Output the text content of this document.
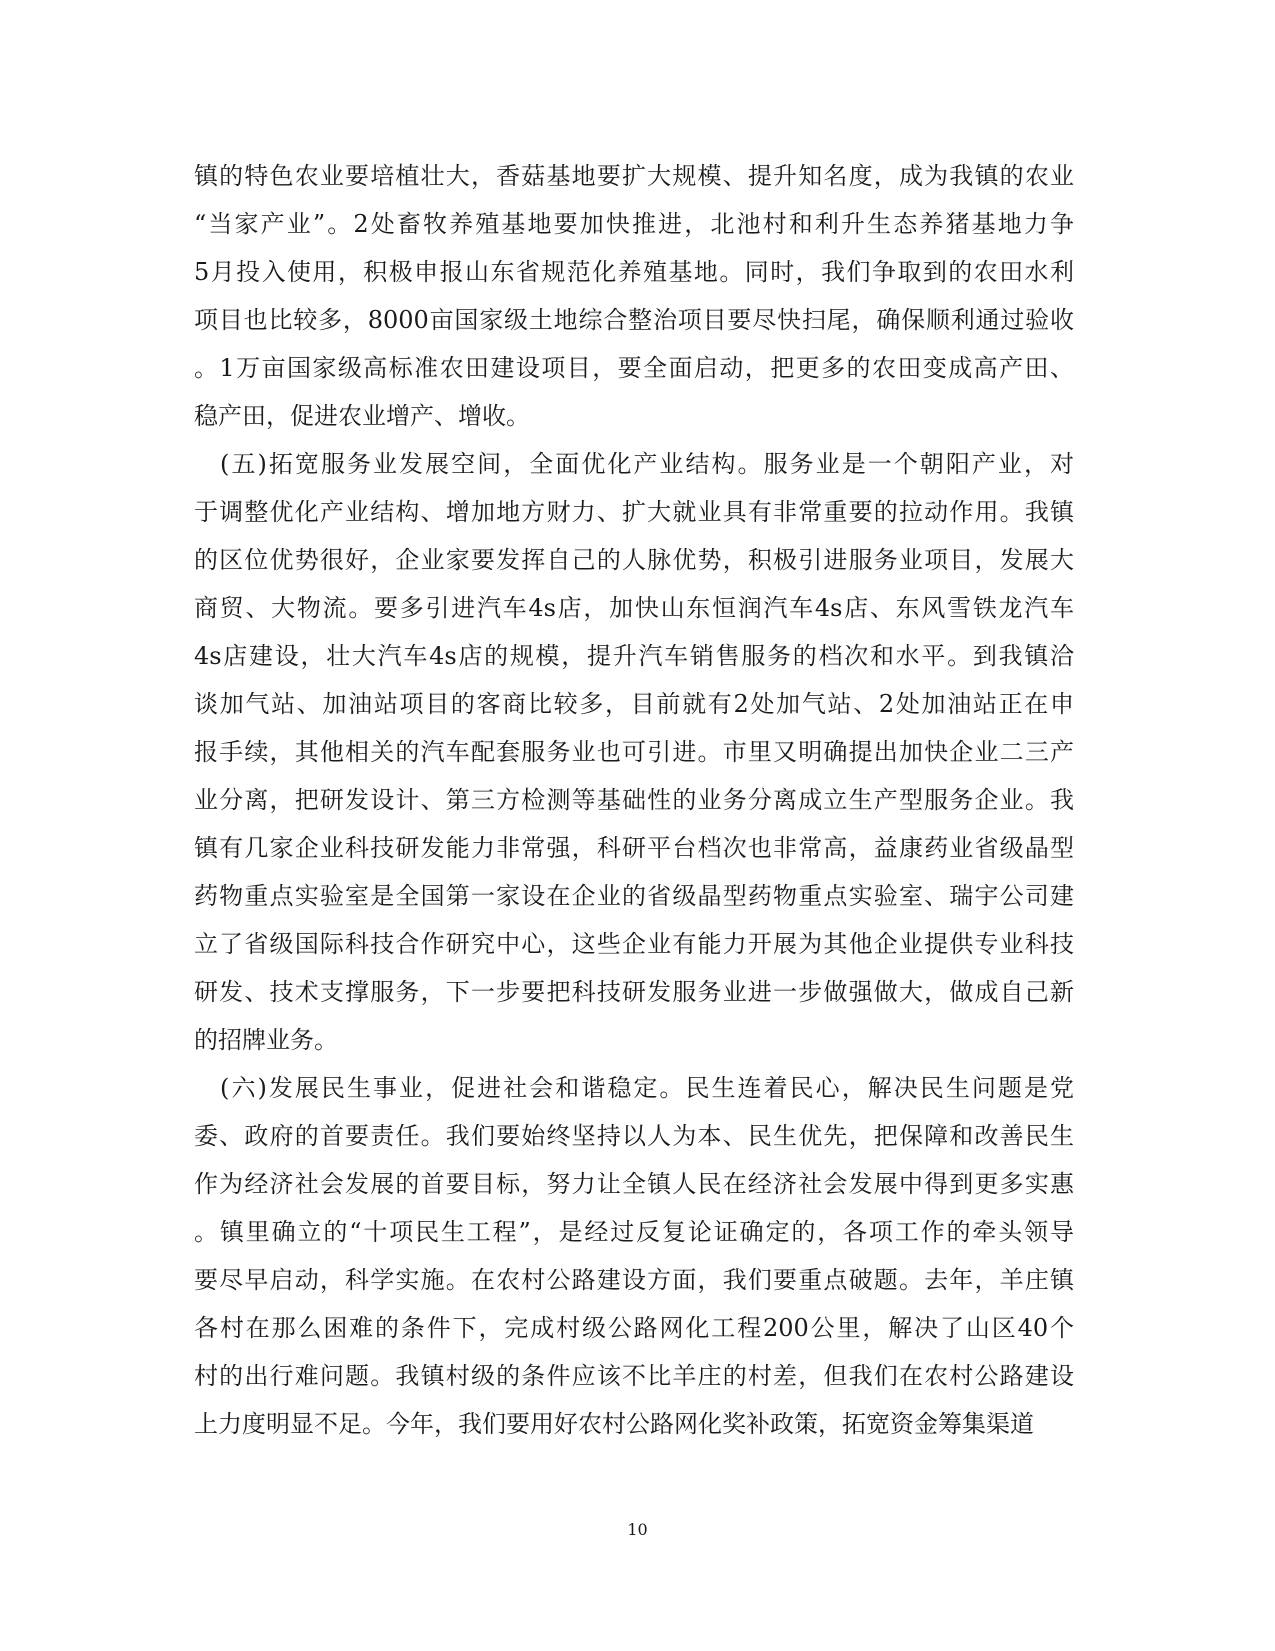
镇的特色农业要培植壮大，香菇基地要扩大规模、提升知名度，成为我镇的农业
“当家产业”。2处畜牧养殖基地要加快推进，北池村和利升生态养猪基地力争
5月投入使用，积极申报山东省规范化养殖基地。同时，我们争取到的农田水利
项目也比较多，8000亩国家级土地综合整治项目要尽快扫尾，确保顺利通过验收
。1万亩国家级高标准农田建设项目，要全面启动，把更多的农田变成高产田、
稳产田，促进农业增产、增收。
　(五)拓宽服务业发展空间，全面优化产业结构。服务业是一个朝阳产业，对
于调整优化产业结构、增加地方财力、扩大就业具有非常重要的拉动作用。我镇
的区位优势很好，企业家要发挥自己的人脉优势，积极引进服务业项目，发展大
商贸、大物流。要多引进汽车4s店，加快山东恒润汽车4s店、东风雪铁龙汽车
4s店建设，壮大汽车4s店的规模，提升汽车销售服务的档次和水平。到我镇洽
谈加气站、加油站项目的客商比较多，目前就有2处加气站、2处加油站正在申
报手续，其他相关的汽车配套服务业也可引进。市里又明确提出加快企业二三产
业分离，把研发设计、第三方检测等基础性的业务分离成立生产型服务企业。我
镇有几家企业科技研发能力非常强，科研平台档次也非常高，益康药业省级晶型
药物重点实验室是全国第一家设在企业的省级晶型药物重点实验室、瑞宇公司建
立了省级国际科技合作研究中心，这些企业有能力开展为其他企业提供专业科技
研发、技术支撑服务，下一步要把科技研发服务业进一步做强做大，做成自己新
的招牌业务。
　(六)发展民生事业，促进社会和谐稳定。民生连着民心，解决民生问题是党
委、政府的首要责任。我们要始终坚持以人为本、民生优先，把保障和改善民生
作为经济社会发展的首要目标，努力让全镇人民在经济社会发展中得到更多实惠
。镇里确立的“十项民生工程”，是经过反复论证确定的，各项工作的牵头领导
要尽早启动，科学实施。在农村公路建设方面，我们要重点破题。去年，羊庄镇
各村在那么困难的条件下，完成村级公路网化工程200公里，解决了山区40个
村的出行难问题。我镇村级的条件应该不比羊庄的村差，但我们在农村公路建设
上力度明显不足。今年，我们要用好农村公路网化奖补政策，拓宽资金筹集渠道
10
